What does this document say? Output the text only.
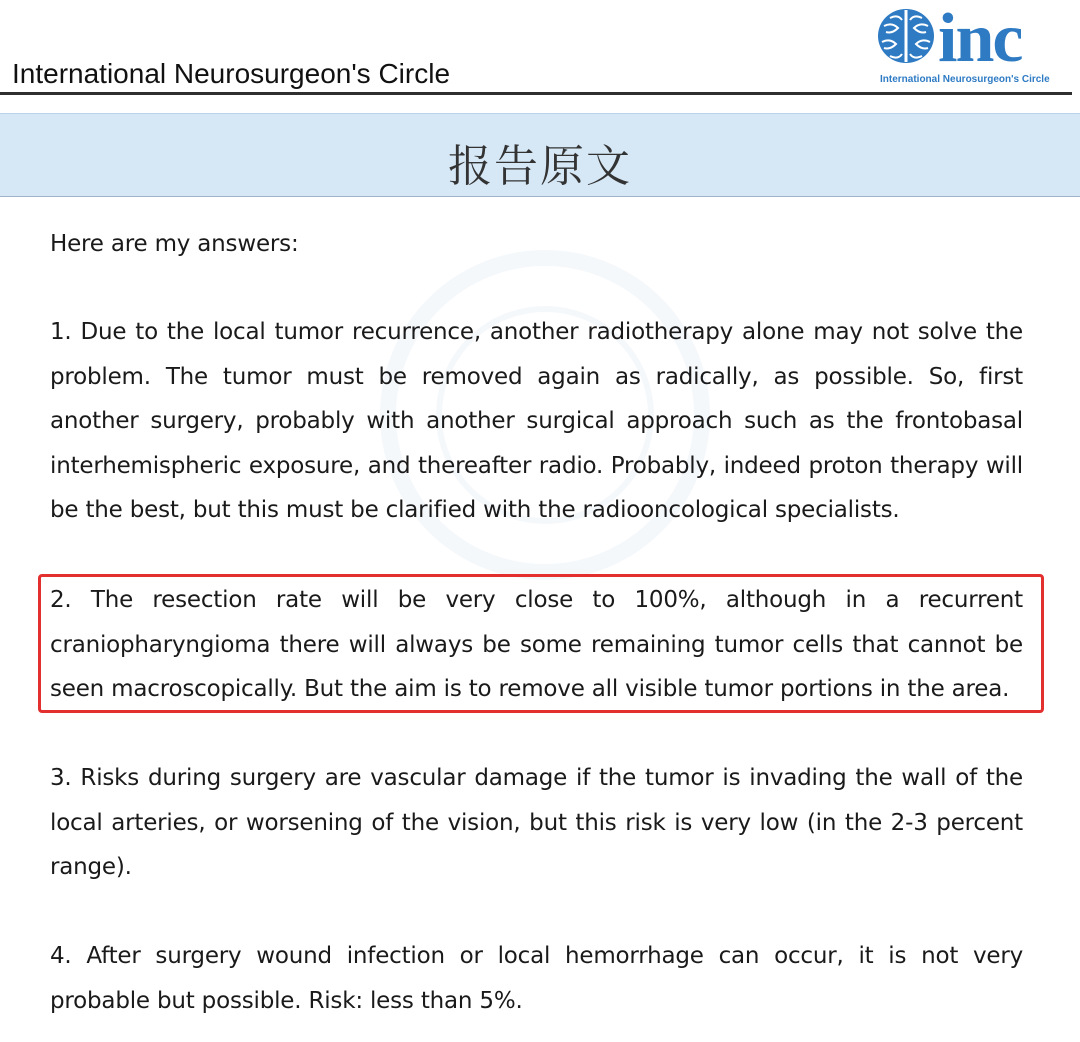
International Neurosurgeon's Circle	inc
International Neurosurgeon's Circle
报告原文

Here are my answers:

1. Due to the local tumor recurrence, another radiotherapy alone may not solve the problem. The tumor must be removed again as radically, as possible. So, first another surgery, probably with another surgical approach such as the frontobasal interhemispheric exposure, and thereafter radio. Probably, indeed proton therapy will be the best, but this must be clarified with the radiooncological specialists.

2. The resection rate will be very close to 100%, although in a recurrent craniopharyngioma there will always be some remaining tumor cells that cannot be seen macroscopically. But the aim is to remove all visible tumor portions in the area.

3. Risks during surgery are vascular damage if the tumor is invading the wall of the local arteries, or worsening of the vision, but this risk is very low (in the 2-3 percent range).

4. After surgery wound infection or local hemorrhage can occur, it is not very probable but possible. Risk: less than 5%.
